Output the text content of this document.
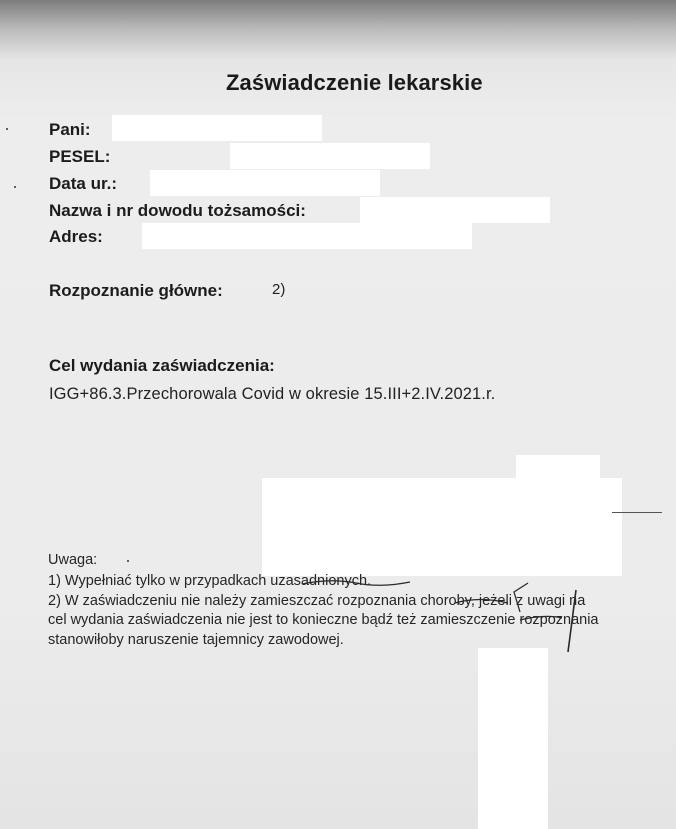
Zaświadczenie lekarskie
Pani:
PESEL:
Data ur.:
Nazwa i nr dowodu tożsamości:
Adres:
Rozpoznanie główne:	2)
Cel wydania zaświadczenia:
IGG+86.3.Przechorowala Covid w okresie 15.III+2.IV.2021.r.
Uwaga:
1) Wypełniać tylko w przypadkach uzasadnionych.
2) W zaświadczeniu nie należy zamieszczać rozpoznania choroby, jeżeli z uwagi na
cel wydania zaświadczenia nie jest to konieczne bądź też zamieszczenie rozpoznania
stanowiłoby naruszenie tajemnicy zawodowej.
